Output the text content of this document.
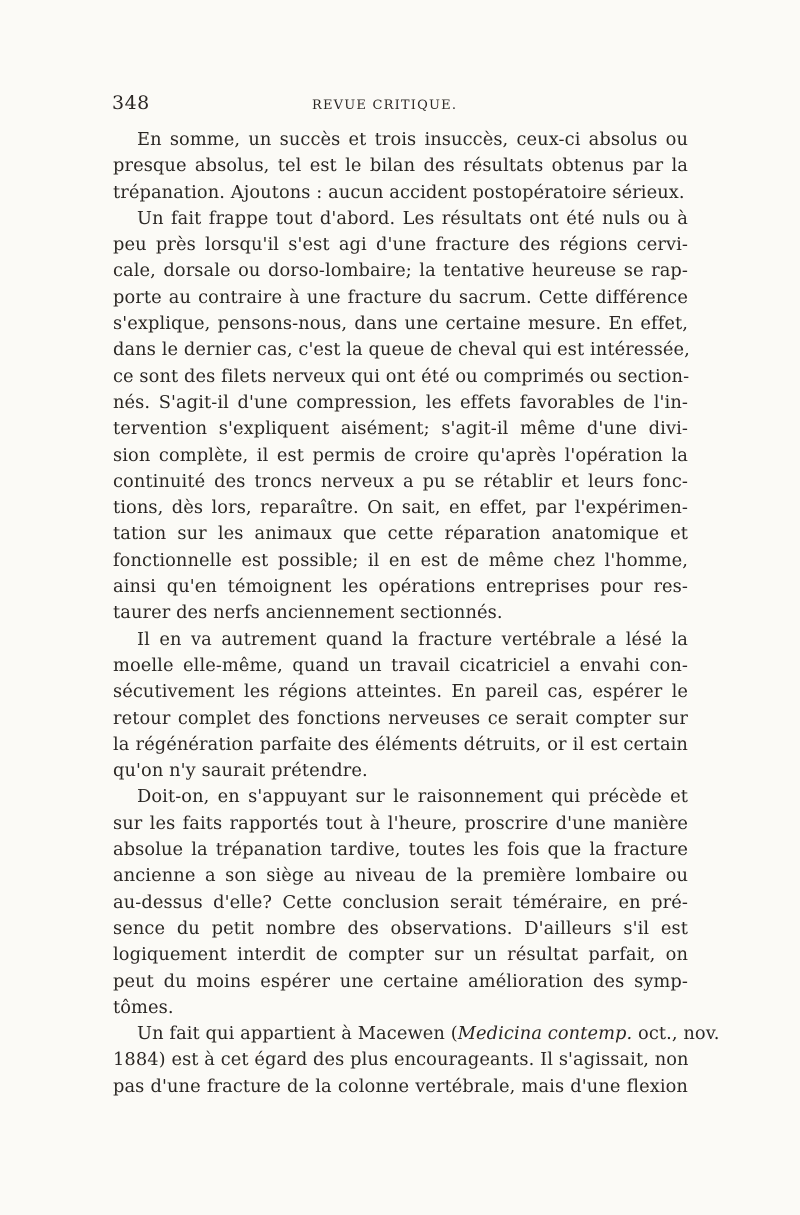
348	REVUE CRITIQUE.
En somme, un succès et trois insuccès, ceux-ci absolus ou
presque absolus, tel est le bilan des résultats obtenus par la
trépanation. Ajoutons : aucun accident postopératoire sérieux.
Un fait frappe tout d'abord. Les résultats ont été nuls ou à
peu près lorsqu'il s'est agi d'une fracture des régions cervi-
cale, dorsale ou dorso-lombaire; la tentative heureuse se rap-
porte au contraire à une fracture du sacrum. Cette différence
s'explique, pensons-nous, dans une certaine mesure. En effet,
dans le dernier cas, c'est la queue de cheval qui est intéressée,
ce sont des filets nerveux qui ont été ou comprimés ou section-
nés. S'agit-il d'une compression, les effets favorables de l'in-
tervention s'expliquent aisément; s'agit-il même d'une divi-
sion complète, il est permis de croire qu'après l'opération la
continuité des troncs nerveux a pu se rétablir et leurs fonc-
tions, dès lors, reparaître. On sait, en effet, par l'expérimen-
tation sur les animaux que cette réparation anatomique et
fonctionnelle est possible; il en est de même chez l'homme,
ainsi qu'en témoignent les opérations entreprises pour res-
taurer des nerfs anciennement sectionnés.
Il en va autrement quand la fracture vertébrale a lésé la
moelle elle-même, quand un travail cicatriciel a envahi con-
sécutivement les régions atteintes. En pareil cas, espérer le
retour complet des fonctions nerveuses ce serait compter sur
la régénération parfaite des éléments détruits, or il est certain
qu'on n'y saurait prétendre.
Doit-on, en s'appuyant sur le raisonnement qui précède et
sur les faits rapportés tout à l'heure, proscrire d'une manière
absolue la trépanation tardive, toutes les fois que la fracture
ancienne a son siège au niveau de la première lombaire ou
au-dessus d'elle? Cette conclusion serait téméraire, en pré-
sence du petit nombre des observations. D'ailleurs s'il est
logiquement interdit de compter sur un résultat parfait, on
peut du moins espérer une certaine amélioration des symp-
tômes.
Un fait qui appartient à Macewen (Medicina contemp. oct., nov.
1884) est à cet égard des plus encourageants. Il s'agissait, non
pas d'une fracture de la colonne vertébrale, mais d'une flexion
